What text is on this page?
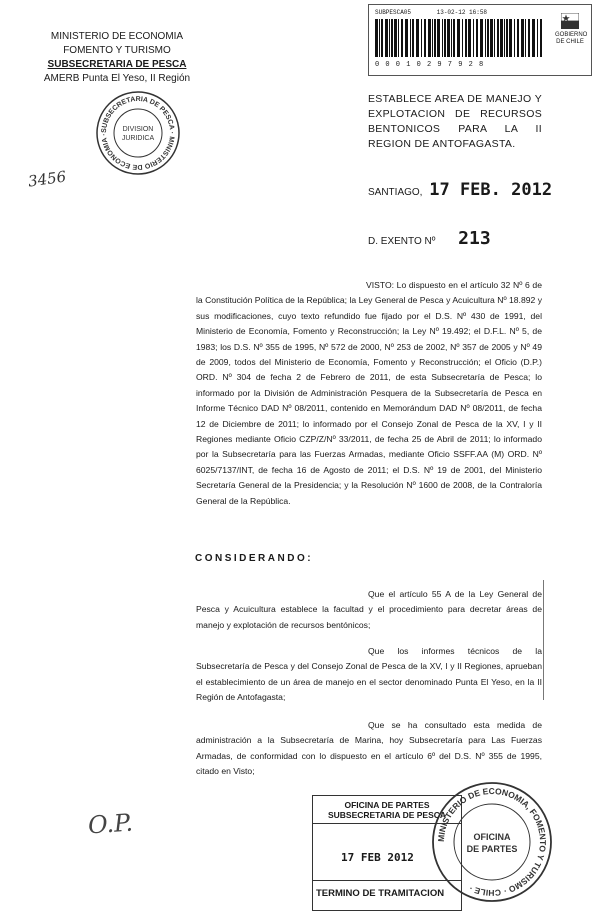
MINISTERIO DE ECONOMIA
FOMENTO Y TURISMO
SUBSECRETARIA DE PESCA
AMERB Punta El Yeso, II Región
SUBSECRETARIA DE PESCA · MINISTERIO DE ECONOMIA ·
DIVISION
JURIDICA
SUBPESCA05	13-02-12 16:58
0 0 0 1 0 2 9 7 9 2 8
GOBIERNO DE CHILE
3456
ESTABLECE AREA DE MANEJO Y EXPLOTACION DE RECURSOS BENTONICOS PARA LA II REGION DE ANTOFAGASTA.
SANTIAGO, 17 FEB. 2012
D. EXENTO Nº 213
VISTO: Lo dispuesto en el artículo 32 Nº 6 de la Constitución Política de la República; la Ley General de Pesca y Acuicultura Nº 18.892 y sus modificaciones, cuyo texto refundido fue fijado por el D.S. Nº 430 de 1991, del Ministerio de Economía, Fomento y Reconstrucción; la Ley Nº 19.492; el D.F.L. Nº 5, de 1983; los D.S. Nº 355 de 1995, Nº 572 de 2000, Nº 253 de 2002, Nº 357 de 2005 y Nº 49 de 2009, todos del Ministerio de Economía, Fomento y Reconstrucción; el Oficio (D.P.) ORD. Nº 304 de fecha 2 de Febrero de 2011, de esta Subsecretaría de Pesca; lo informado por la División de Administración Pesquera de la Subsecretaría de Pesca en Informe Técnico DAD Nº 08/2011, contenido en Memorándum DAD Nº 08/2011, de fecha 12 de Diciembre de 2011; lo informado por el Consejo Zonal de Pesca de la XV, I y II Regiones mediante Oficio CZP/Z/Nº 33/2011, de fecha 25 de Abril de 2011; lo informado por la Subsecretaría para las Fuerzas Armadas, mediante Oficio SSFF.AA (M) ORD. Nº 6025/7137/INT, de fecha 16 de Agosto de 2011; el D.S. Nº 19 de 2001, del Ministerio Secretaría General de la Presidencia; y la Resolución Nº 1600 de 2008, de la Contraloría General de la República.
CONSIDERANDO:
Que el artículo 55 A de la Ley General de Pesca y Acuicultura establece la facultad y el procedimiento para decretar áreas de manejo y explotación de recursos bentónicos;
Que los informes técnicos de la Subsecretaría de Pesca y del Consejo Zonal de Pesca de la XV, I y II Regiones, aprueban el establecimiento de un área de manejo en el sector denominado Punta El Yeso, en la II Región de Antofagasta;
Que se ha consultado esta medida de administración a la Subsecretaría de Marina, hoy Subsecretaría para Las Fuerzas Armadas, de conformidad con lo dispuesto en el artículo 6º del D.S. Nº 355 de 1995, citado en Visto;
O.P.
OFICINA DE PARTES
SUBSECRETARIA DE PESCA
17 FEB 2012
TERMINO DE TRAMITACION
MINISTERIO DE ECONOMIA, FOMENTO Y TURISMO · CHILE ·
OFICINA
DE PARTES
